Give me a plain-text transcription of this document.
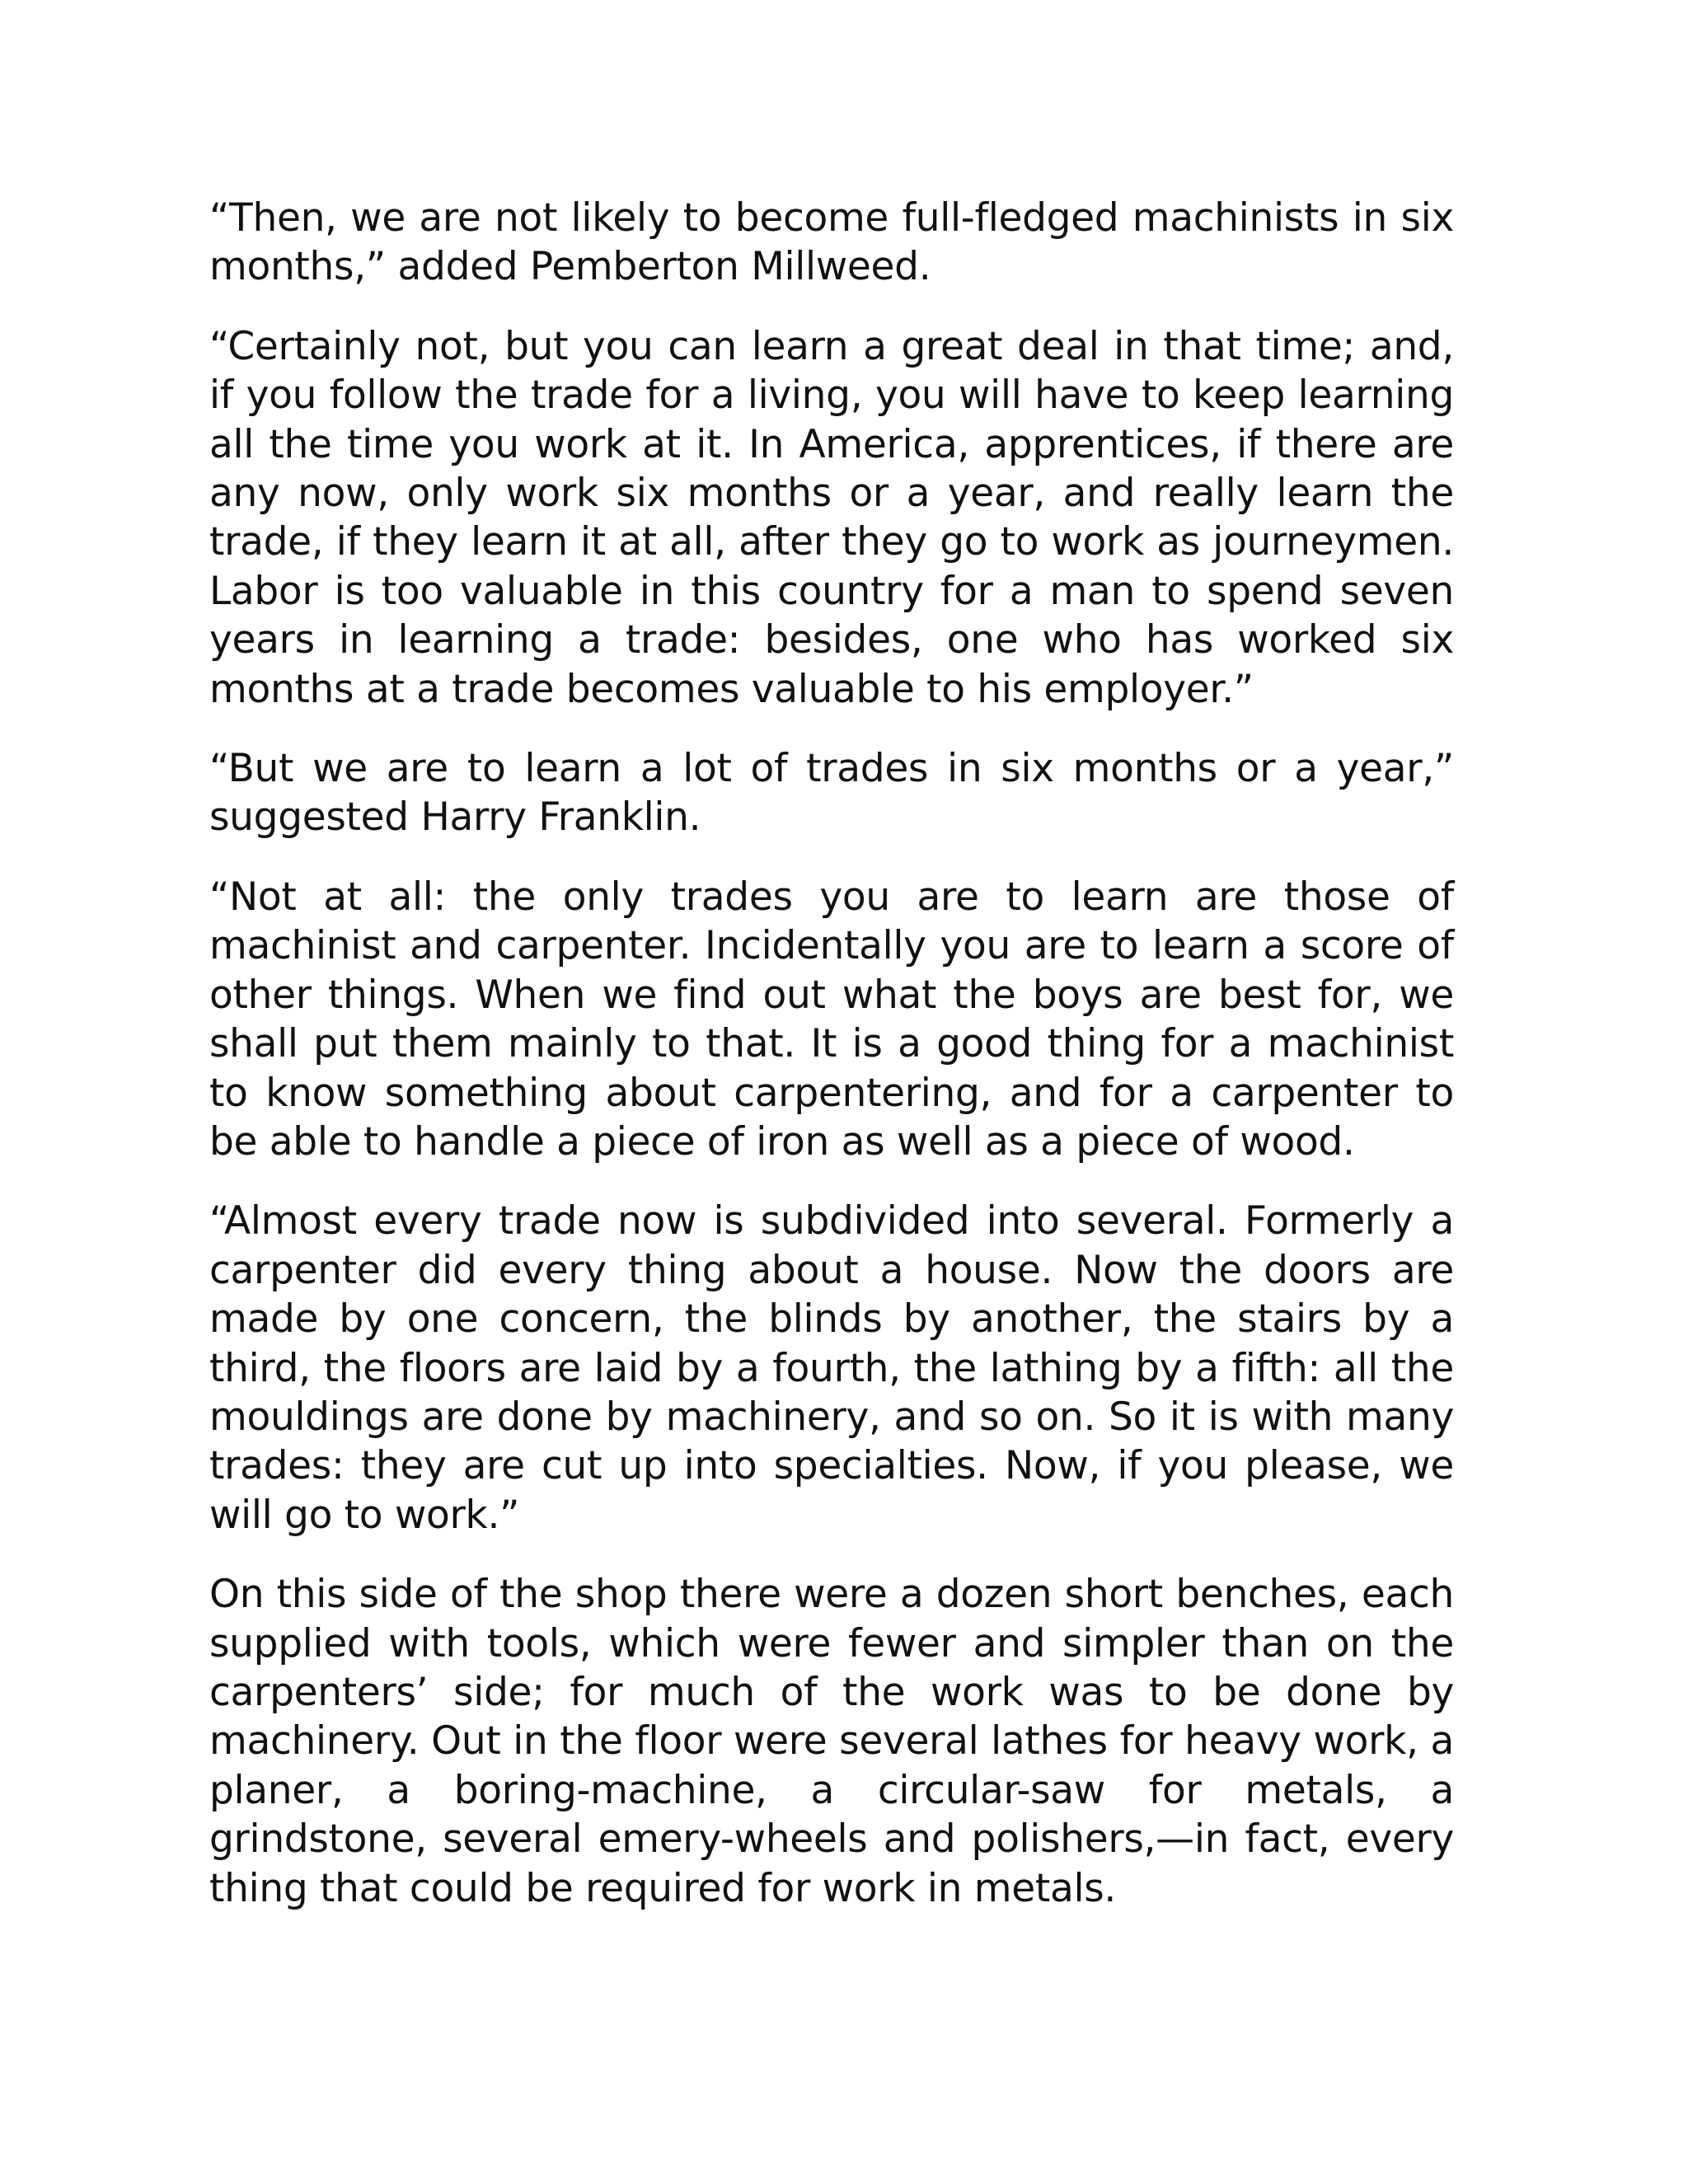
“Then, we are not likely to become full-fledged machinists in six months,” added Pemberton Millweed.

“Certainly not, but you can learn a great deal in that time; and, if you follow the trade for a living, you will have to keep learning all the time you work at it. In America, apprentices, if there are any now, only work six months or a year, and really learn the trade, if they learn it at all, after they go to work as journeymen. Labor is too valuable in this country for a man to spend seven years in learning a trade: besides, one who has worked six months at a trade becomes valuable to his employer.”

“But we are to learn a lot of trades in six months or a year,” suggested Harry Franklin.

“Not at all: the only trades you are to learn are those of machinist and carpenter. Incidentally you are to learn a score of other things. When we find out what the boys are best for, we shall put them mainly to that. It is a good thing for a machinist to know something about carpentering, and for a carpenter to be able to handle a piece of iron as well as a piece of wood.

“Almost every trade now is subdivided into several. Formerly a carpenter did every thing about a house. Now the doors are made by one concern, the blinds by another, the stairs by a third, the floors are laid by a fourth, the lathing by a fifth: all the mouldings are done by machinery, and so on. So it is with many trades: they are cut up into specialties. Now, if you please, we will go to work.”

On this side of the shop there were a dozen short benches, each supplied with tools, which were fewer and simpler than on the carpenters’ side; for much of the work was to be done by machinery. Out in the floor were several lathes for heavy work, a planer, a boring-machine, a circular-saw for metals, a grindstone, several emery-wheels and polishers,—in fact, every thing that could be required for work in metals.
